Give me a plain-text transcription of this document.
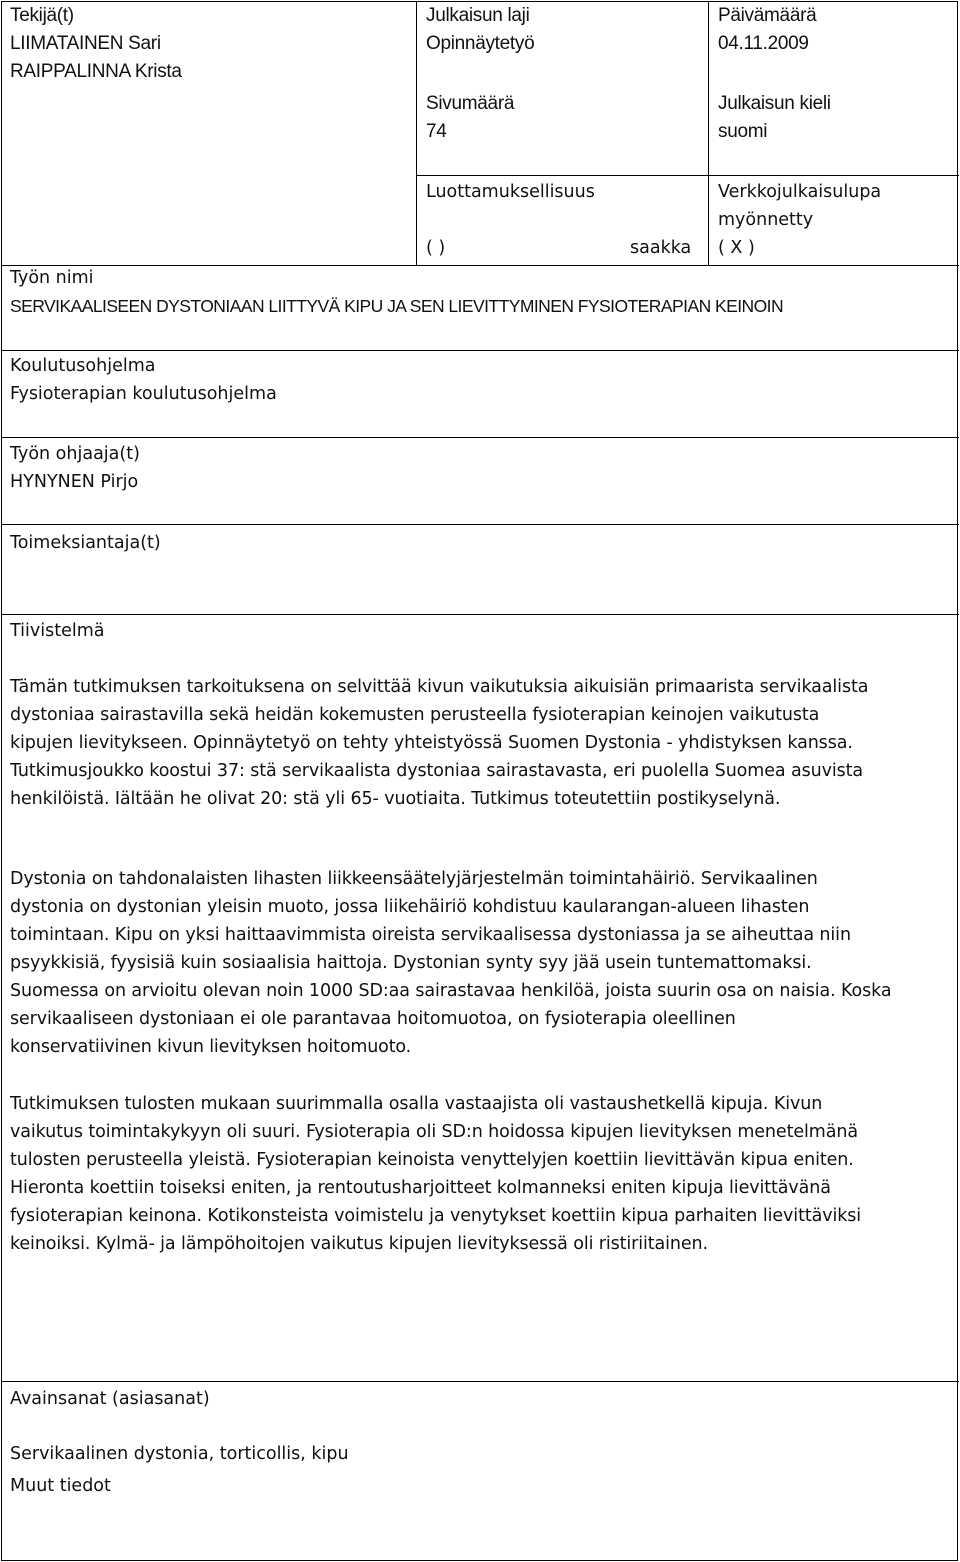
Tekijä(t)
LIIMATAINEN Sari
RAIPPALINNA Krista
Julkaisun laji
Opinnäytetyö
Päivämäärä
04.11.2009
Sivumäärä
74
Julkaisun kieli
suomi
Luottamuksellisuus
( )	saakka
Verkkojulkaisulupa
myönnetty
( X )
Työn nimi
SERVIKAALISEEN DYSTONIAAN LIITTYVÄ KIPU JA SEN LIEVITTYMINEN FYSIOTERAPIAN KEINOIN
Koulutusohjelma
Fysioterapian koulutusohjelma
Työn ohjaaja(t)
HYNYNEN Pirjo
Toimeksiantaja(t)
Tiivistelmä
Tämän tutkimuksen tarkoituksena on selvittää kivun vaikutuksia aikuisiän primaarista servikaalista
dystoniaa sairastavilla sekä heidän kokemusten perusteella fysioterapian keinojen vaikutusta
kipujen lievitykseen. Opinnäytetyö on tehty yhteistyössä Suomen Dystonia - yhdistyksen kanssa.
Tutkimusjoukko koostui 37: stä servikaalista dystoniaa sairastavasta, eri puolella Suomea asuvista
henkilöistä. Iältään he olivat 20: stä yli 65- vuotiaita. Tutkimus toteutettiin postikyselynä.
Dystonia on tahdonalaisten lihasten liikkeensäätelyjärjestelmän toimintahäiriö. Servikaalinen
dystonia on dystonian yleisin muoto, jossa liikehäiriö kohdistuu kaularangan-alueen lihasten
toimintaan. Kipu on yksi haittaavimmista oireista servikaalisessa dystoniassa ja se aiheuttaa niin
psyykkisiä, fyysisiä kuin sosiaalisia haittoja. Dystonian synty syy jää usein tuntemattomaksi.
Suomessa on arvioitu olevan noin 1000 SD:aa sairastavaa henkilöä, joista suurin osa on naisia. Koska
servikaaliseen dystoniaan ei ole parantavaa hoitomuotoa, on fysioterapia oleellinen
konservatiivinen kivun lievityksen hoitomuoto.
Tutkimuksen tulosten mukaan suurimmalla osalla vastaajista oli vastaushetkellä kipuja. Kivun
vaikutus toimintakykyyn oli suuri. Fysioterapia oli SD:n hoidossa kipujen lievityksen menetelmänä
tulosten perusteella yleistä. Fysioterapian keinoista venyttelyjen koettiin lievittävän kipua eniten.
Hieronta koettiin toiseksi eniten, ja rentoutusharjoitteet kolmanneksi eniten kipuja lievittävänä
fysioterapian keinona. Kotikonsteista voimistelu ja venytykset koettiin kipua parhaiten lievittäviksi
keinoiksi. Kylmä- ja lämpöhoitojen vaikutus kipujen lievityksessä oli ristiriitainen.
Avainsanat (asiasanat)
Servikaalinen dystonia, torticollis, kipu
Muut tiedot
